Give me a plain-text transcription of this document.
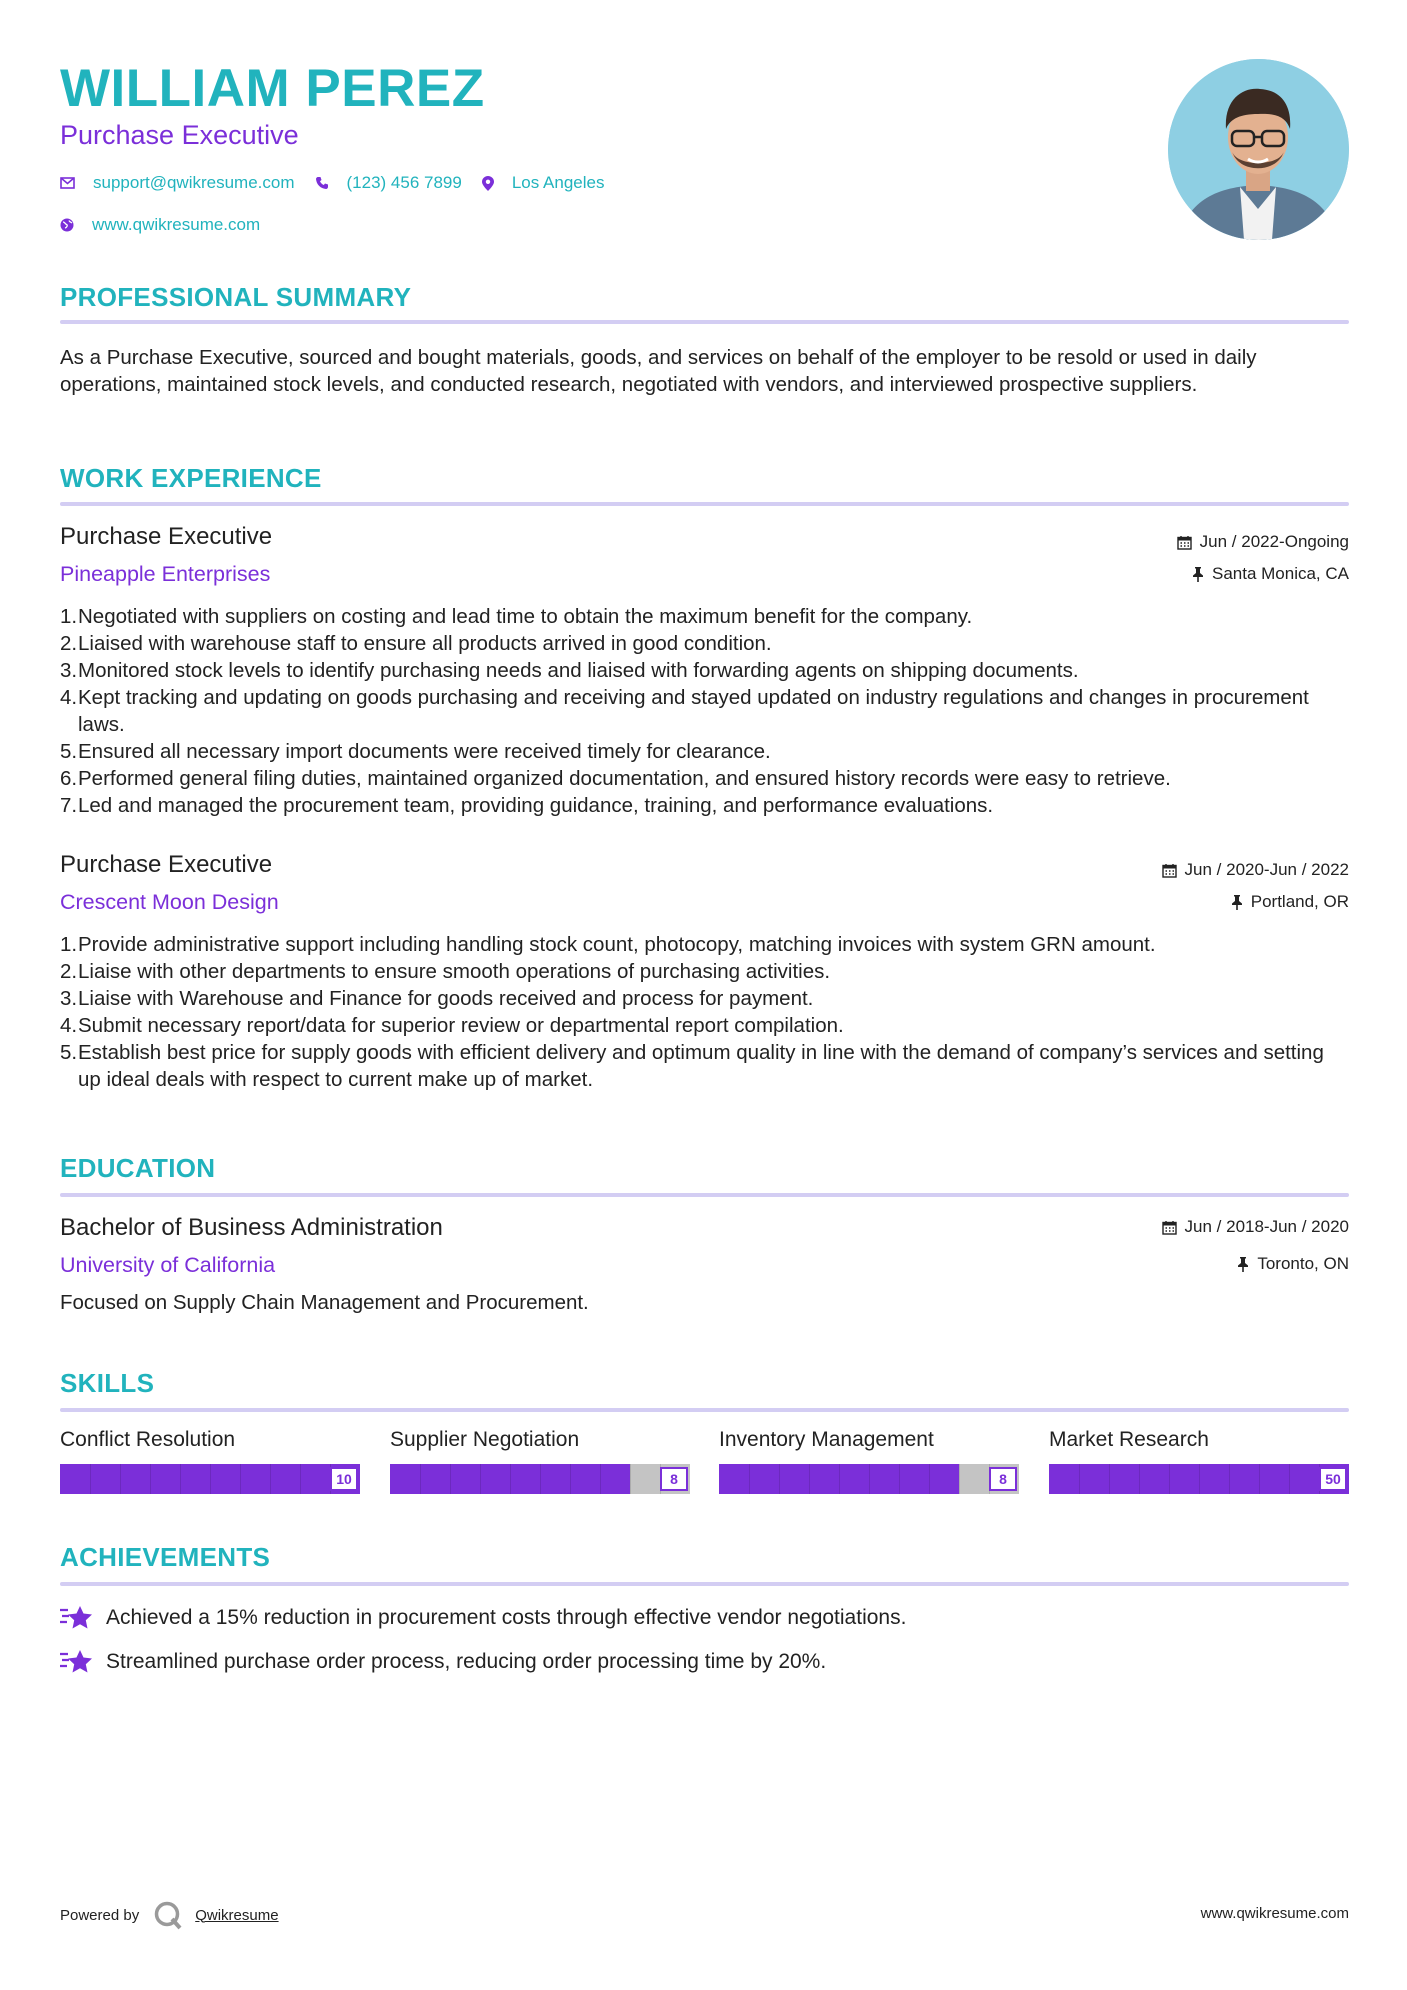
WILLIAM PEREZ
Purchase Executive
support@qwikresume.com	(123) 456 7899	Los Angeles
www.qwikresume.com
PROFESSIONAL SUMMARY
As a Purchase Executive, sourced and bought materials, goods, and services on behalf of the employer to be resold or used in daily operations, maintained stock levels, and conducted research, negotiated with vendors, and interviewed prospective suppliers.
WORK EXPERIENCE
Purchase Executive	Jun / 2022-Ongoing
Pineapple Enterprises	Santa Monica, CA
1. Negotiated with suppliers on costing and lead time to obtain the maximum benefit for the company.
2. Liaised with warehouse staff to ensure all products arrived in good condition.
3. Monitored stock levels to identify purchasing needs and liaised with forwarding agents on shipping documents.
4. Kept tracking and updating on goods purchasing and receiving and stayed updated on industry regulations and changes in procurement laws.
5. Ensured all necessary import documents were received timely for clearance.
6. Performed general filing duties, maintained organized documentation, and ensured history records were easy to retrieve.
7. Led and managed the procurement team, providing guidance, training, and performance evaluations.
Purchase Executive	Jun / 2020-Jun / 2022
Crescent Moon Design	Portland, OR
1. Provide administrative support including handling stock count, photocopy, matching invoices with system GRN amount.
2. Liaise with other departments to ensure smooth operations of purchasing activities.
3. Liaise with Warehouse and Finance for goods received and process for payment.
4. Submit necessary report/data for superior review or departmental report compilation.
5. Establish best price for supply goods with efficient delivery and optimum quality in line with the demand of company’s services and setting up ideal deals with respect to current make up of market.
EDUCATION
Bachelor of Business Administration	Jun / 2018-Jun / 2020
University of California	Toronto, ON
Focused on Supply Chain Management and Procurement.
SKILLS
Conflict Resolution
10
Supplier Negotiation
8
Inventory Management
8
Market Research
50
ACHIEVEMENTS
Achieved a 15% reduction in procurement costs through effective vendor negotiations.
Streamlined purchase order process, reducing order processing time by 20%.
Powered by	Qwikresume	www.qwikresume.com
